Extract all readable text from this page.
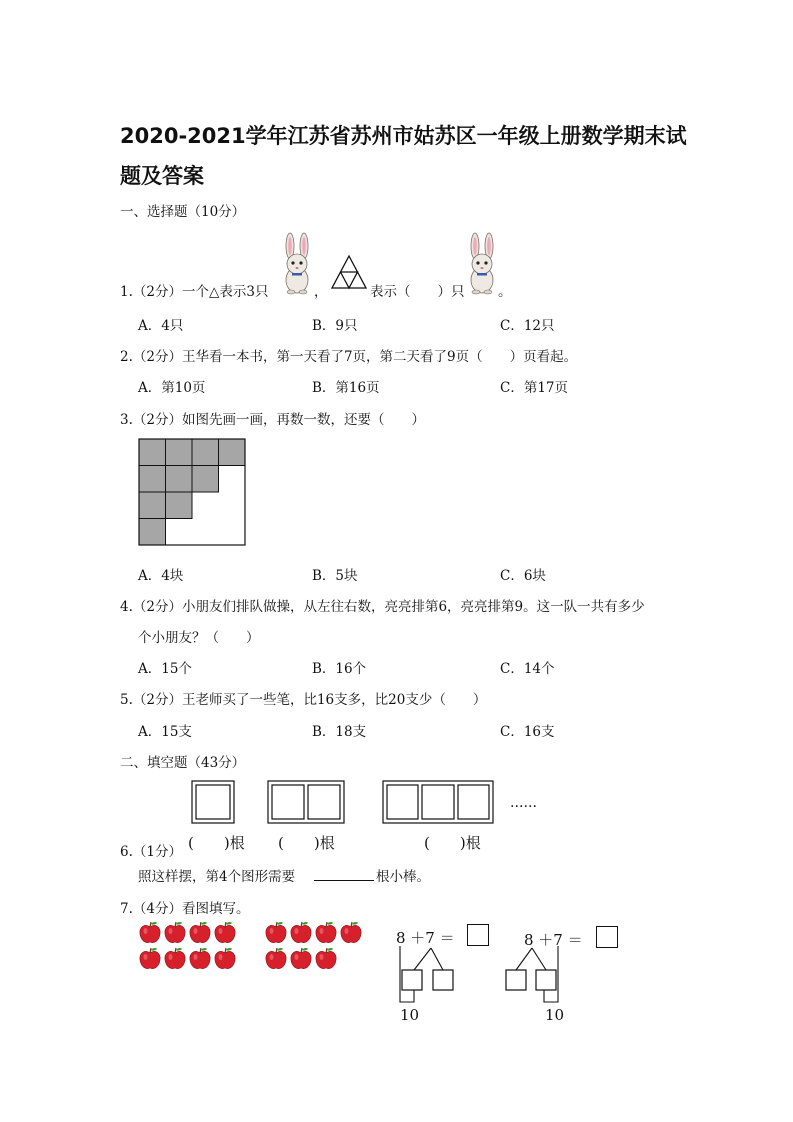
2020-2021学年江苏省苏州市姑苏区一年级上册数学期末试
题及答案
一、选择题（10分）
1.（2分）一个△表示3只	，	表示（　　）只 。
A．4只	B．9只	C．12只
2.（2分）王华看一本书，第一天看了7页，第二天看了9页（　　）页看起。
A．第10页	B．第16页	C．第17页
3.（2分）如图先画一画，再数一数，还要（　　）
A．4块	B．5块	C．6块
4.（2分）小朋友们排队做操，从左往右数，亮亮排第6，亮亮排第9。这一队一共有多少
个小朋友？（　　）
A．15个	B．16个	C．14个
5.（2分）王老师买了一些笔，比16支多，比20支少（　　）
A．15支	B．18支	C．16支
二、填空题（43分）
……
6.（1分） (　　)根 (　　)根	(　　)根
照这样摆，第4个图形需要	根小棒。
7.（4分）看图填写。
8 ＋7 ＝
10
8 ＋7 ＝
10
